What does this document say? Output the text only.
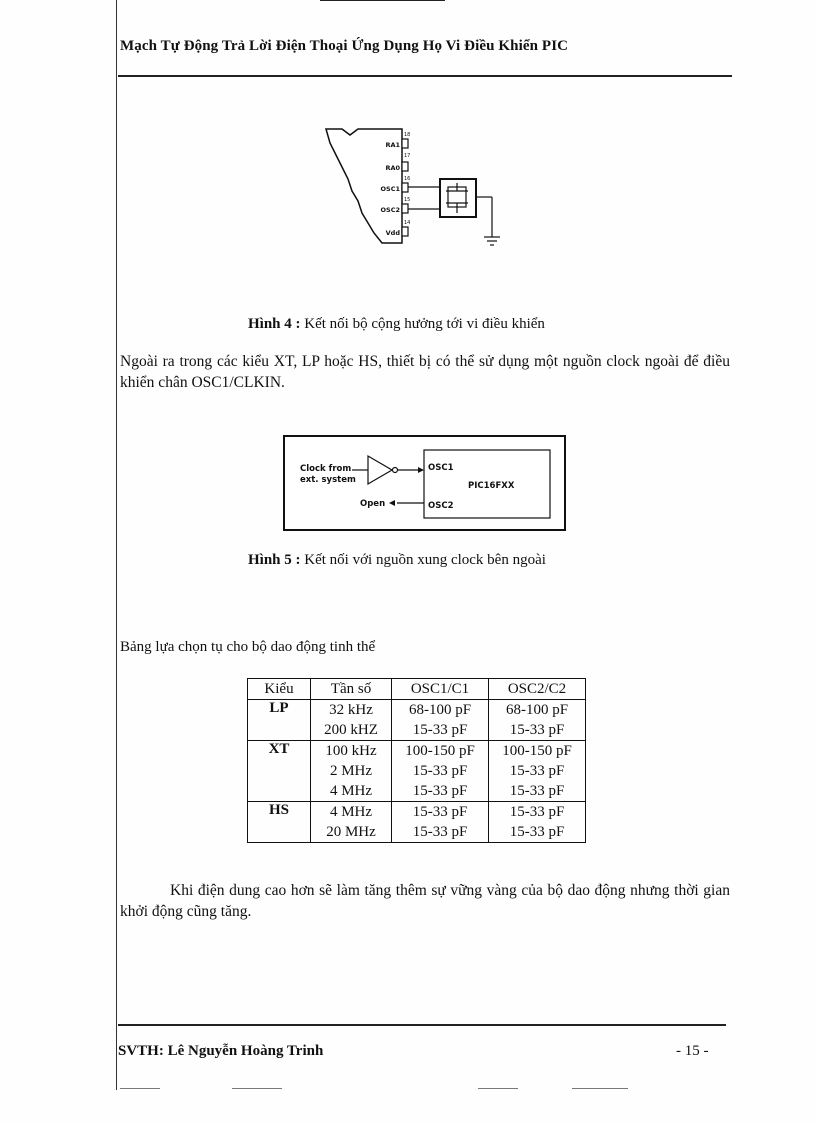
Mạch Tự Động Trả Lời Điện Thoại Ứng Dụng Họ Vi Điều Khiển PIC
18
17
16
15
14
RA1
RA0
OSC1
OSC2
Vdd
Hình 4 : Kết nối bộ cộng hưởng tới vi điều khiển
Ngoài ra trong các kiểu XT, LP hoặc HS, thiết bị có thể sử dụng một nguồn clock ngoài để điều khiển chân OSC1/CLKIN.
Clock from
ext. system
OSC1
OSC2
PIC16FXX
Open
Hình 5 : Kết nối với nguồn xung clock bên ngoài
Bảng lựa chọn tụ cho bộ dao động tinh thể
Kiểu	Tần số	OSC1/C1	OSC2/C2
LP	32 kHz	68-100 pF	68-100 pF
	200 kHZ	15-33 pF	15-33 pF
XT	100 kHz	100-150 pF	100-150 pF
	2 MHz	15-33 pF	15-33 pF
	4 MHz	15-33 pF	15-33 pF
HS	4 MHz	15-33 pF	15-33 pF
	20 MHz	15-33 pF	15-33 pF
Khi điện dung cao hơn sẽ làm tăng thêm sự vững vàng của bộ dao động nhưng thời gian khởi động cũng tăng.
SVTH: Lê Nguyễn Hoàng Trinh	- 15 -
